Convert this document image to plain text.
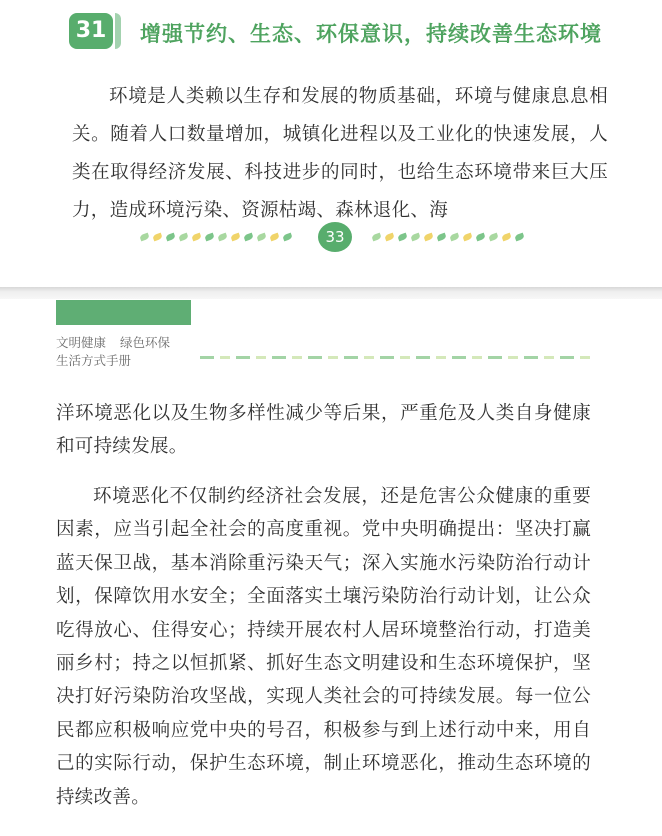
31	增强节约、生态、环保意识，持续改善生态环境

环境是人类赖以生存和发展的物质基础，环境与健康息息相关。随着人口数量增加，城镇化进程以及工业化的快速发展，人类在取得经济发展、科技进步的同时，也给生态环境带来巨大压力，造成环境污染、资源枯竭、森林退化、海

33
文明健康 绿色环保
生活方式手册

洋环境恶化以及生物多样性减少等后果，严重危及人类自身健康和可持续发展。

环境恶化不仅制约经济社会发展，还是危害公众健康的重要因素，应当引起全社会的高度重视。党中央明确提出：坚决打赢蓝天保卫战，基本消除重污染天气；深入实施水污染防治行动计划，保障饮用水安全；全面落实土壤污染防治行动计划，让公众吃得放心、住得安心；持续开展农村人居环境整治行动，打造美丽乡村；持之以恒抓紧、抓好生态文明建设和生态环境保护，坚决打好污染防治攻坚战，实现人类社会的可持续发展。每一位公民都应积极响应党中央的号召，积极参与到上述行动中来，用自己的实际行动，保护生态环境，制止环境恶化，推动生态环境的持续改善。
